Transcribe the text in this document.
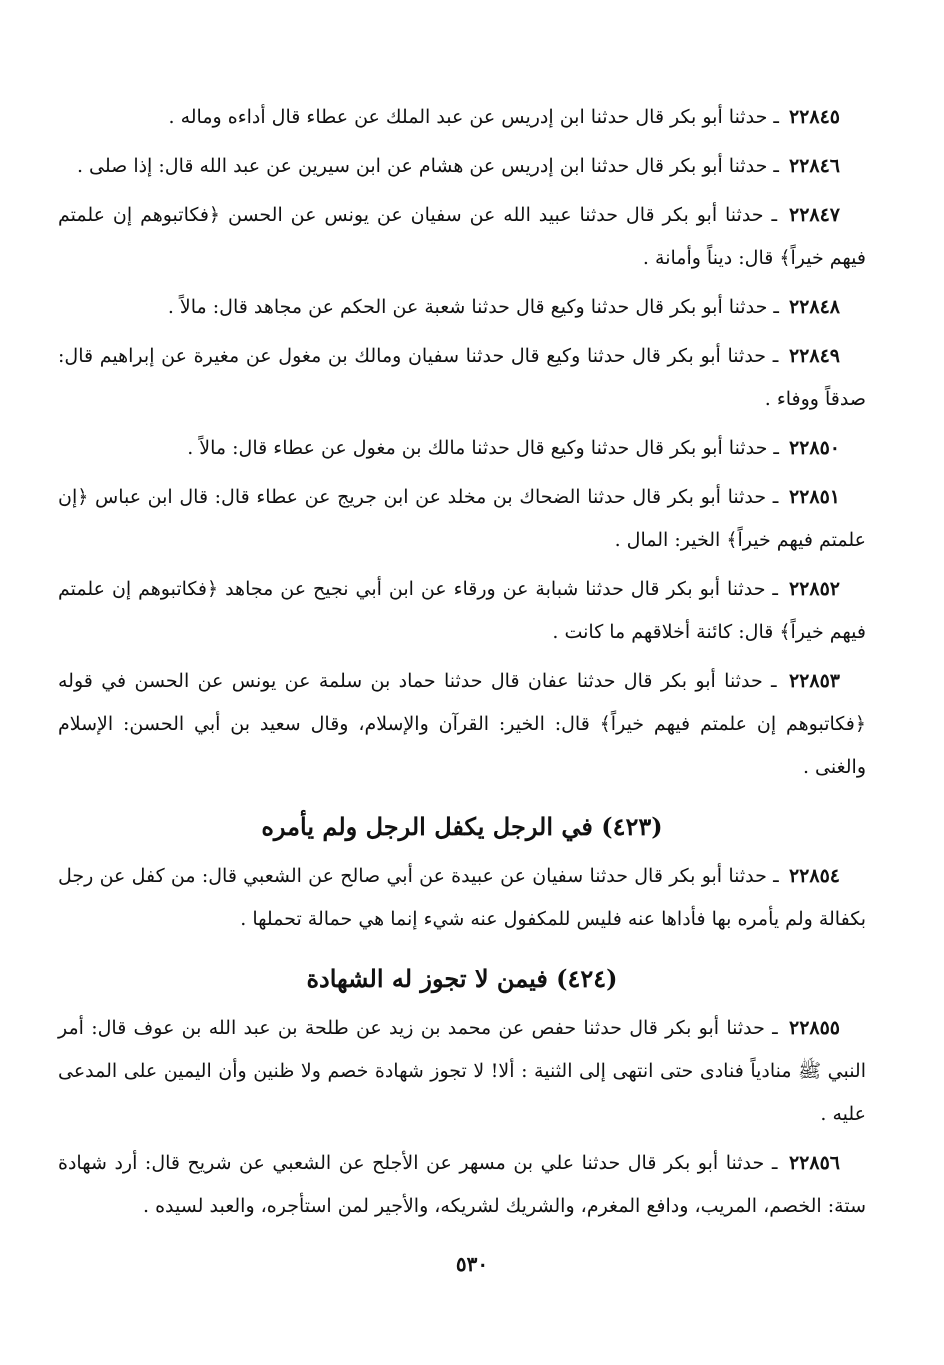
٢٢٨٤٥ ـ حدثنا أبو بكر قال حدثنا ابن إدريس عن عبد الملك عن عطاء قال أداءه وماله .

٢٢٨٤٦ ـ حدثنا أبو بكر قال حدثنا ابن إدريس عن هشام عن ابن سيرين عن عبد الله قال: إذا صلى .

٢٢٨٤٧ ـ حدثنا أبو بكر قال حدثنا عبيد الله عن سفيان عن يونس عن الحسن ﴿فكاتبوهم إن علمتم فيهم خيراً﴾ قال: ديناً وأمانة .

٢٢٨٤٨ ـ حدثنا أبو بكر قال حدثنا وكيع قال حدثنا شعبة عن الحكم عن مجاهد قال: مالاً .

٢٢٨٤٩ ـ حدثنا أبو بكر قال حدثنا وكيع قال حدثنا سفيان ومالك بن مغول عن مغيرة عن إبراهيم قال: صدقاً ووفاء .

٢٢٨٥٠ ـ حدثنا أبو بكر قال حدثنا وكيع قال حدثنا مالك بن مغول عن عطاء قال: مالاً .

٢٢٨٥١ ـ حدثنا أبو بكر قال حدثنا الضحاك بن مخلد عن ابن جريج عن عطاء قال: قال ابن عباس ﴿إن علمتم فيهم خيراً﴾ الخير: المال .

٢٢٨٥٢ ـ حدثنا أبو بكر قال حدثنا شبابة عن ورقاء عن ابن أبي نجيح عن مجاهد ﴿فكاتبوهم إن علمتم فيهم خيراً﴾ قال: كائنة أخلاقهم ما كانت .

٢٢٨٥٣ ـ حدثنا أبو بكر قال حدثنا عفان قال حدثنا حماد بن سلمة عن يونس عن الحسن في قوله ﴿فكاتبوهم إن علمتم فيهم خيراً﴾ قال: الخير: القرآن والإسلام، وقال سعيد بن أبي الحسن: الإسلام والغنى .

(٤٢٣) في الرجل يكفل الرجل ولم يأمره

٢٢٨٥٤ ـ حدثنا أبو بكر قال حدثنا سفيان عن عبيدة عن أبي صالح عن الشعبي قال: من كفل عن رجل بكفالة ولم يأمره بها فأداها عنه فليس للمكفول عنه شيء إنما هي حمالة تحملها .

(٤٢٤) فيمن لا تجوز له الشهادة

٢٢٨٥٥ ـ حدثنا أبو بكر قال حدثنا حفص عن محمد بن زيد عن طلحة بن عبد الله بن عوف قال: أمر النبي ﷺ منادياً فنادى حتى انتهى إلى الثنية : ألا! لا تجوز شهادة خصم ولا ظنين وأن اليمين على المدعى عليه .

٢٢٨٥٦ ـ حدثنا أبو بكر قال حدثنا علي بن مسهر عن الأجلح عن الشعبي عن شريح قال: أرد شهادة ستة: الخصم، المريب، ودافع المغرم، والشريك لشريكه، والأجير لمن استأجره، والعبد لسيده .

٥٣٠
